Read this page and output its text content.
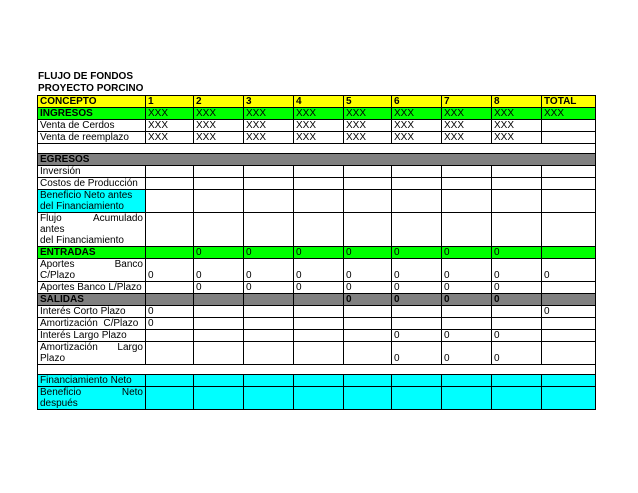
FLUJO DE FONDOS
PROYECTO PORCINO
CONCEPTO	1	2	3	4	5	6	7	8	TOTAL
INGRESOS	XXX	XXX	XXX	XXX	XXX	XXX	XXX	XXX	XXX
Venta de Cerdos	XXX	XXX	XXX	XXX	XXX	XXX	XXX	XXX	
Venta de reemplazo	XXX	XXX	XXX	XXX	XXX	XXX	XXX	XXX	

EGRESOS									
Inversión									
Costos de Producción									

Beneficio Neto antes
del Financiamiento									

Flujo Acumulado
antes
del Financiamiento									

ENTRADAS		0	0	0	0	0	0	0	

Aportes Banco
C/Plazo	0	0	0	0	0	0	0	0	0
Aportes Banco L/Plazo		0	0	0	0	0	0	0	
SALIDAS					0	0	0	0	
Interés Corto Plazo	0								0
Amortización  C/Plazo	0								
Interés Largo Plazo						0	0	0	

Amortización Largo
Plazo						0	0	0	

Financiamiento Neto									

Beneficio Neto
después									
